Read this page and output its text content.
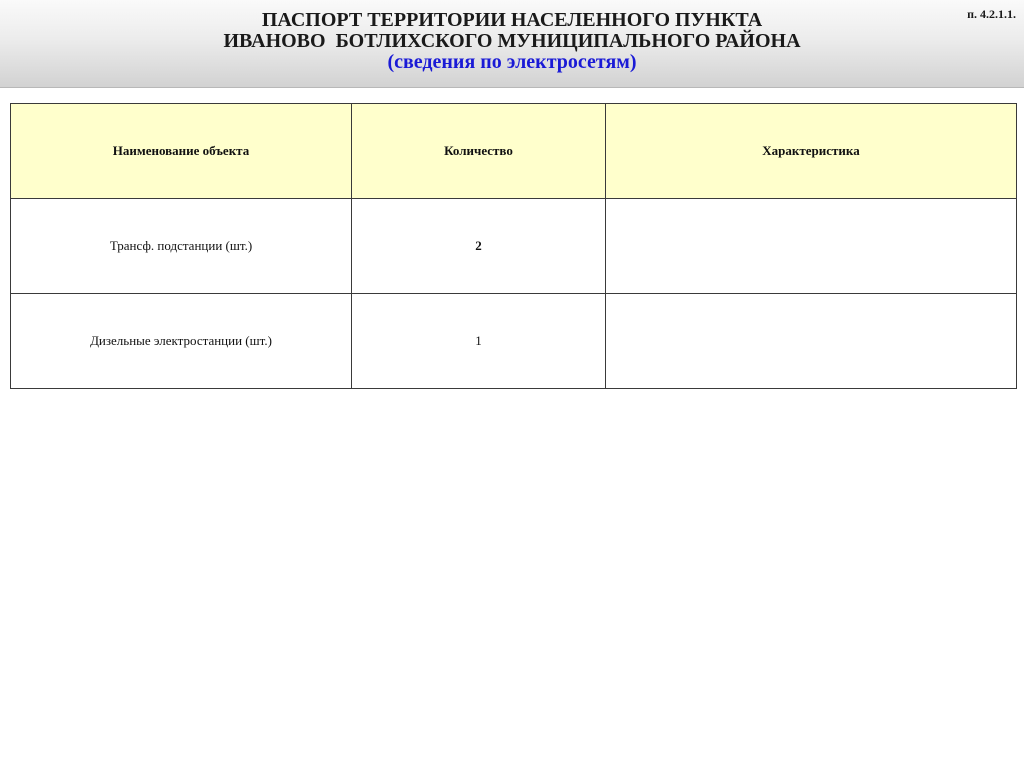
ПАСПОРТ ТЕРРИТОРИИ НАСЕЛЕННОГО ПУНКТА
ИВАНОВО  БОТЛИХСКОГО МУНИЦИПАЛЬНОГО РАЙОНА
(сведения по электросетям)
п. 4.2.1.1.
Наименование объекта	Количество	Характеристика
Трансф. подстанции (шт.)	2	
Дизельные электростанции (шт.)	1	
